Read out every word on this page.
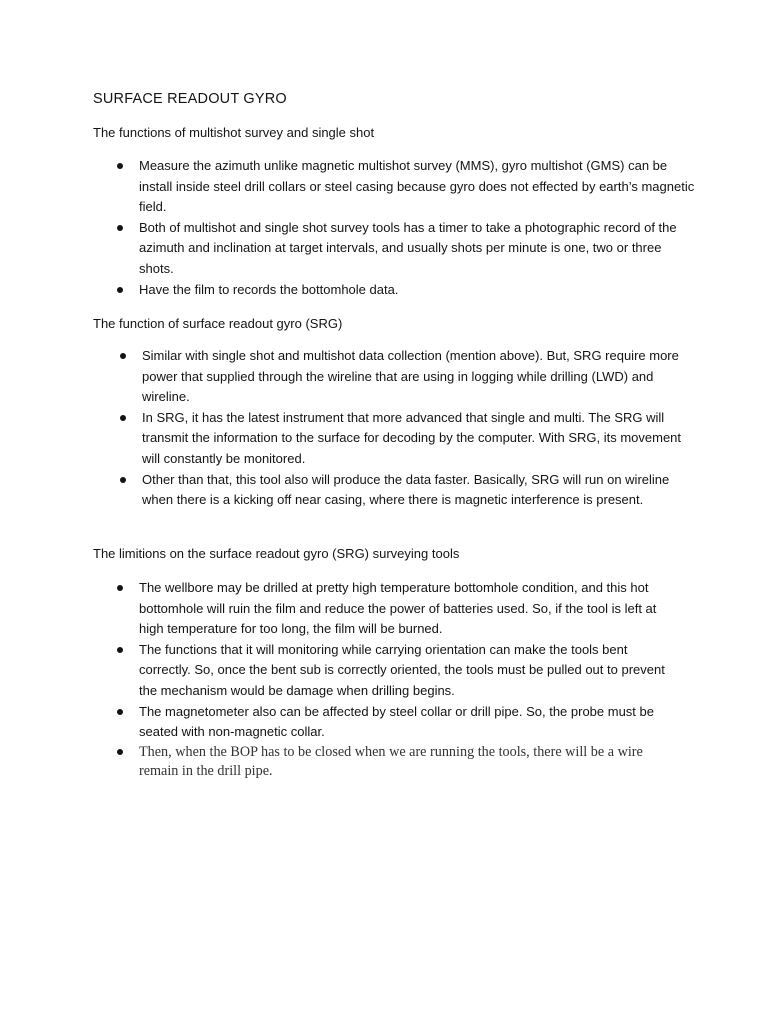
SURFACE READOUT GYRO

The functions of multishot survey and single shot

Measure the azimuth unlike magnetic multishot survey (MMS), gyro multishot (GMS) can be install inside steel drill collars or steel casing because gyro does not effected by earth’s magnetic field.
Both of multishot and single shot survey tools has a timer to take a photographic record of the azimuth and inclination at target intervals, and usually shots per minute is one, two or three shots.
Have the film to records the bottomhole data.

The function of surface readout gyro (SRG)

Similar with single shot and multishot data collection (mention above). But, SRG require more power that supplied through the wireline that are using in logging while drilling (LWD) and wireline.
In SRG, it has the latest instrument that more advanced that single and multi. The SRG will transmit the information to the surface for decoding by the computer. With SRG, its movement will constantly be monitored.
Other than that, this tool also will produce the data faster. Basically, SRG will run on wireline when there is a kicking off near casing, where there is magnetic interference is present.

The limitions on the surface readout gyro (SRG) surveying tools

The wellbore may be drilled at pretty high temperature bottomhole condition, and this hot bottomhole will ruin the film and reduce the power of batteries used. So, if the tool is left at high temperature for too long, the film will be burned.
The functions that it will monitoring while carrying orientation can make the tools bent correctly. So, once the bent sub is correctly oriented, the tools must be pulled out to prevent the mechanism would be damage when drilling begins.
The magnetometer also can be affected by steel collar or drill pipe. So, the probe must be seated with non-magnetic collar.
Then, when the BOP has to be closed when we are running the tools, there will be a wire remain in the drill pipe.
